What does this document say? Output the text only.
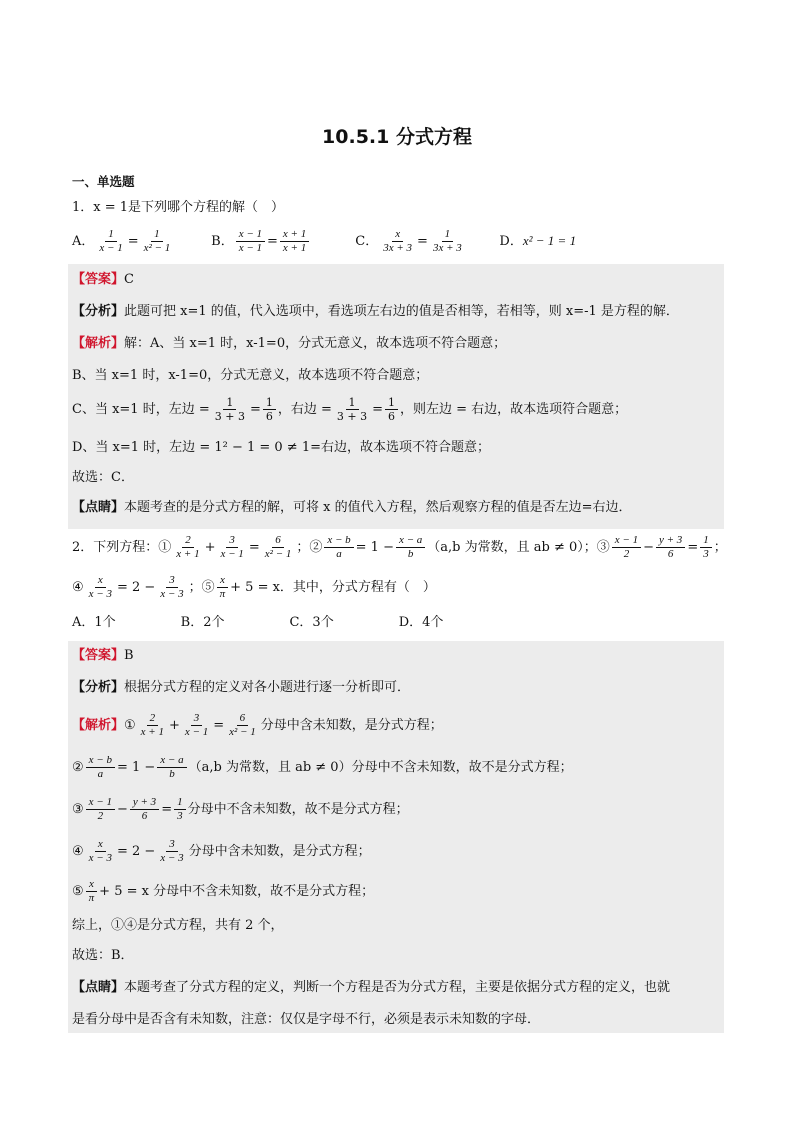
10.5.1 分式方程
一、单选题
1．x = 1是下列哪个方程的解（　）
A． $\frac{1}{x - 1} = \frac{1}{\text{x² − 1}}$	B． $\frac{x - 1}{x - 1} = \frac{x + 1}{x + 1}$	C． $\frac{x}{3x + 3} = \frac{1}{3x + 3}$	D．x² − 1 = 1
【答案】C
【分析】此题可把 x=1 的值，代入选项中，看选项左右边的值是否相等，若相等，则 x=-1 是方程的解．
【解析】解：A、当 x=1 时，x-1=0，分式无意义，故本选项不符合题意；
B、当 x=1 时，x-1=0，分式无意义，故本选项不符合题意；
C、当 x=1 时，左边 = $\frac{1}{3 + 3} = \frac{1}{6}$ ，右边 = $\frac{1}{3 + 3} = \frac{1}{6}$ ，则左边 = 右边，故本选项符合题意；
D、当 x=1 时，左边 = 1² − 1 = 0 ≠ 1=右边，故本选项不符合题意；
故选：C．
【点睛】本题考查的是分式方程的解，可将 x 的值代入方程，然后观察方程的值是否左边=右边．
2．下列方程：① $\frac{2}{x + 1} + \frac{3}{x - 1} = \frac{6}{\text{x² − 1}}$ ；② $\frac{x - b}{a} = 1 - \frac{x - a}{b} (a,b$ 为常数，且 ab ≠ 0）；③ $\frac{x - 1}{2} - \frac{y + 3}{6} = \frac{1}{3}$ ；
④ $\frac{x}{x - 3} = 2 - \frac{3}{x - 3}$ ；⑤ $\frac{x}{\pi} + 5 = x$．其中，分式方程有（　）
A．1个　　　　　B．2个　　　　　C．3个　　　　　D．4个
【答案】B
【分析】根据分式方程的定义对各小题进行逐一分析即可．
【解析】① $\frac{2}{x + 1} + \frac{3}{x - 1} = \frac{6}{\text{x² − 1}}$ 分母中含未知数，是分式方程；
② $\frac{x - b}{a} = 1 - \frac{x - a}{b} (a,b$ 为常数，且 ab ≠ 0）分母中不含未知数，故不是分式方程；
③ $\frac{x - 1}{2} - \frac{y + 3}{6} = \frac{1}{3}$ 分母中不含未知数，故不是分式方程；
④ $\frac{x}{x - 3} = 2 - \frac{3}{x - 3}$ 分母中含未知数，是分式方程；
⑤ $\frac{x}{\pi} + 5 = x$ 分母中不含未知数，故不是分式方程；
综上，①④是分式方程，共有 2 个，
故选：B．
【点睛】本题考查了分式方程的定义，判断一个方程是否为分式方程，主要是依据分式方程的定义，也就
是看分母中是否含有未知数，注意：仅仅是字母不行，必须是表示未知数的字母．
